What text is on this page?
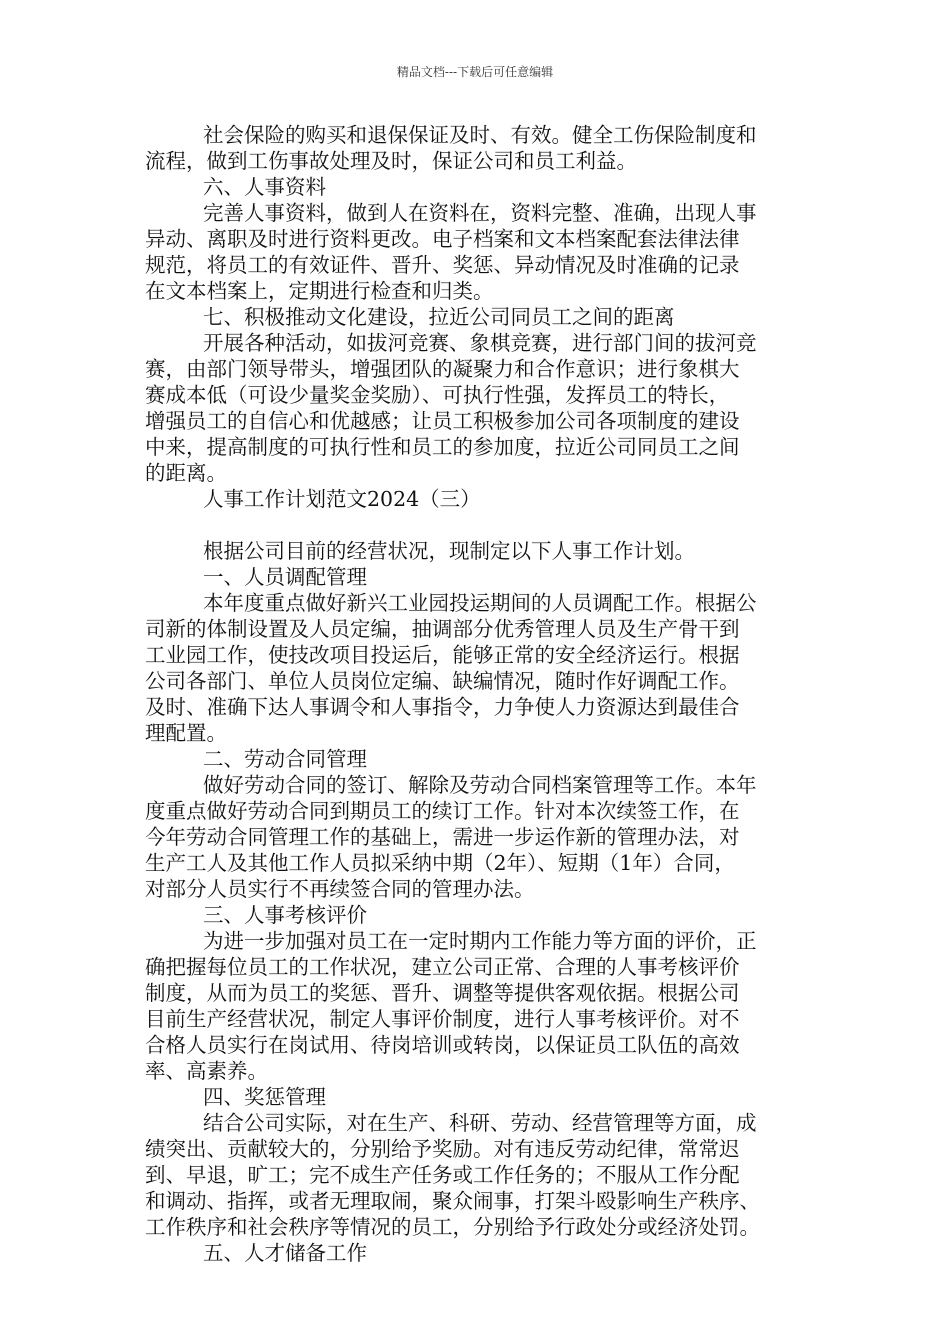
精品文档---下载后可任意编辑
社会保险的购买和退保保证及时、有效。健全工伤保险制度和
流程，做到工伤事故处理及时，保证公司和员工利益。
六、人事资料
完善人事资料，做到人在资料在，资料完整、准确，出现人事
异动、离职及时进行资料更改。电子档案和文本档案配套法律法律
规范，将员工的有效证件、晋升、奖惩、异动情况及时准确的记录
在文本档案上，定期进行检查和归类。
七、积极推动文化建设，拉近公司同员工之间的距离
开展各种活动，如拔河竞赛、象棋竞赛，进行部门间的拔河竞
赛，由部门领导带头，增强团队的凝聚力和合作意识；进行象棋大
赛成本低（可设少量奖金奖励）、可执行性强，发挥员工的特长，
增强员工的自信心和优越感；让员工积极参加公司各项制度的建设
中来，提高制度的可执行性和员工的参加度，拉近公司同员工之间
的距离。
人事工作计划范文2024（三）
根据公司目前的经营状况，现制定以下人事工作计划。
一、人员调配管理
本年度重点做好新兴工业园投运期间的人员调配工作。根据公
司新的体制设置及人员定编，抽调部分优秀管理人员及生产骨干到
工业园工作，使技改项目投运后，能够正常的安全经济运行。根据
公司各部门、单位人员岗位定编、缺编情况，随时作好调配工作。
及时、准确下达人事调令和人事指令，力争使人力资源达到最佳合
理配置。
二、劳动合同管理
做好劳动合同的签订、解除及劳动合同档案管理等工作。本年
度重点做好劳动合同到期员工的续订工作。针对本次续签工作，在
今年劳动合同管理工作的基础上，需进一步运作新的管理办法，对
生产工人及其他工作人员拟采纳中期（2年）、短期（1年）合同，
对部分人员实行不再续签合同的管理办法。
三、人事考核评价
为进一步加强对员工在一定时期内工作能力等方面的评价，正
确把握每位员工的工作状况，建立公司正常、合理的人事考核评价
制度，从而为员工的奖惩、晋升、调整等提供客观依据。根据公司
目前生产经营状况，制定人事评价制度，进行人事考核评价。对不
合格人员实行在岗试用、待岗培训或转岗，以保证员工队伍的高效
率、高素养。
四、奖惩管理
结合公司实际，对在生产、科研、劳动、经营管理等方面，成
绩突出、贡献较大的，分别给予奖励。对有违反劳动纪律，常常迟
到、早退，旷工；完不成生产任务或工作任务的；不服从工作分配
和调动、指挥，或者无理取闹，聚众闹事，打架斗殴影响生产秩序、
工作秩序和社会秩序等情况的员工，分别给予行政处分或经济处罚。
五、人才储备工作
